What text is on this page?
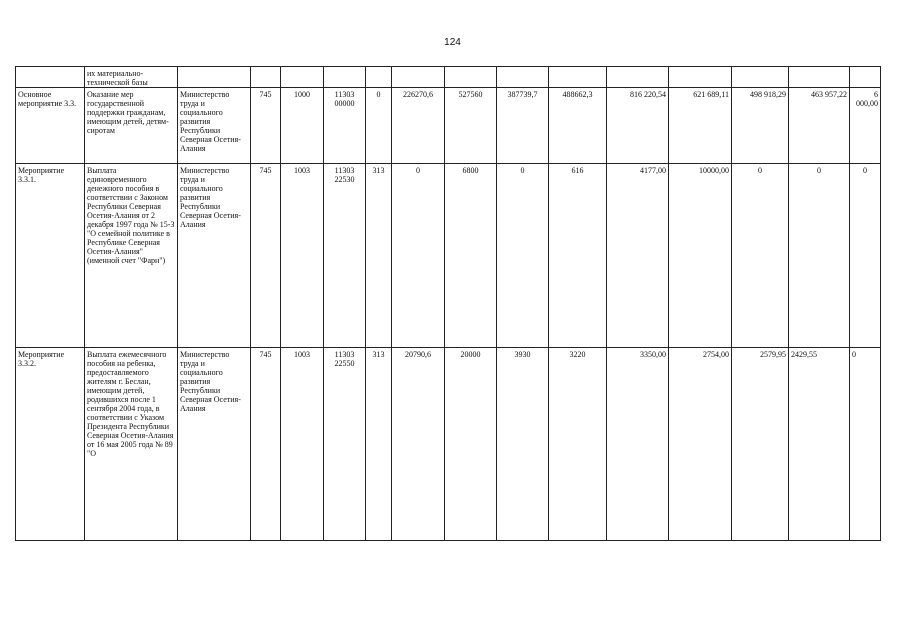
124
	их материально-технической базы														
Основное мероприятие 3.3.	Оказание мер государственной поддержки гражданам, имеющим детей, детям-сиротам	Министерство труда и социального развития Республики Северная Осетия-Алания	745	1000	11303 00000	0	226270,6	527560	387739,7	488662,3	816 220,54	621 689,11	498 918,29	463 957,22	6 000,00
Мероприятие 3.3.1.	Выплата единовременного денежного пособия в соответствии с Законом Республики Северная Осетия-Алания от 2 декабря 1997 года № 15-З "О семейной политике в Республике Северная Осетия-Алания" (именной счет "Фарн")	Министерство труда и социального развития Республики Северная Осетия-Алания	745	1003	11303 22530	313	0	6800	0	616	4177,00	10000,00	0	0	0
Мероприятие 3.3.2.	Выплата ежемесячного пособия на ребенка, предоставляемого жителям г. Беслан, имеющим детей, родившихся после 1 сентября 2004 года, в соответствии с Указом Президента Республики Северная Осетия-Алания от 16 мая 2005 года № 89 "О	Министерство труда и социального развития Республики Северная Осетия-Алания	745	1003	11303 22550	313	20790,6	20000	3930	3220	3350,00	2754,00	2579,95	2429,55	0
